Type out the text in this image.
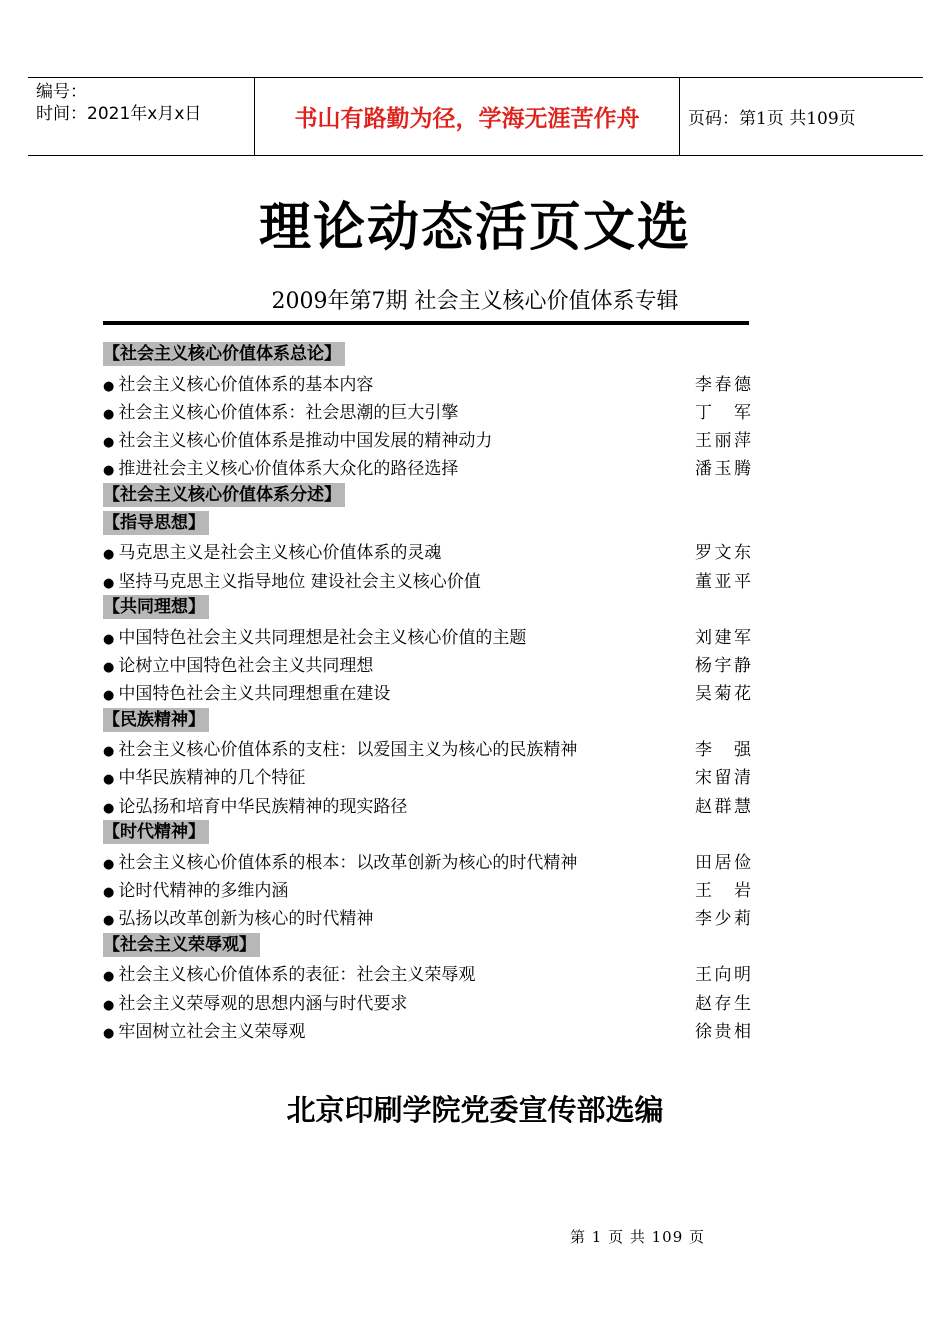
编号：
时间：2021年x月x日	书山有路勤为径，学海无涯苦作舟	页码：第1页 共109页
理论动态活页文选
2009年第7期 社会主义核心价值体系专辑
【社会主义核心价值体系总论】
● 社会主义核心价值体系的基本内容	李春德
● 社会主义核心价值体系：社会思潮的巨大引擎	丁 军
● 社会主义核心价值体系是推动中国发展的精神动力	王丽萍
● 推进社会主义核心价值体系大众化的路径选择	潘玉腾
【社会主义核心价值体系分述】
【指导思想】
● 马克思主义是社会主义核心价值体系的灵魂	罗文东
● 坚持马克思主义指导地位 建设社会主义核心价值	董亚平
【共同理想】
● 中国特色社会主义共同理想是社会主义核心价值的主题	刘建军
● 论树立中国特色社会主义共同理想	杨宇静
● 中国特色社会主义共同理想重在建设	吴菊花
【民族精神】
● 社会主义核心价值体系的支柱：以爱国主义为核心的民族精神	李 强
● 中华民族精神的几个特征	宋留清
● 论弘扬和培育中华民族精神的现实路径	赵群慧
【时代精神】
● 社会主义核心价值体系的根本：以改革创新为核心的时代精神	田居俭
● 论时代精神的多维内涵	王 岩
● 弘扬以改革创新为核心的时代精神	李少莉
【社会主义荣辱观】
● 社会主义核心价值体系的表征：社会主义荣辱观	王向明
● 社会主义荣辱观的思想内涵与时代要求	赵存生
● 牢固树立社会主义荣辱观	徐贵相
北京印刷学院党委宣传部选编
第 1 页 共 109 页
